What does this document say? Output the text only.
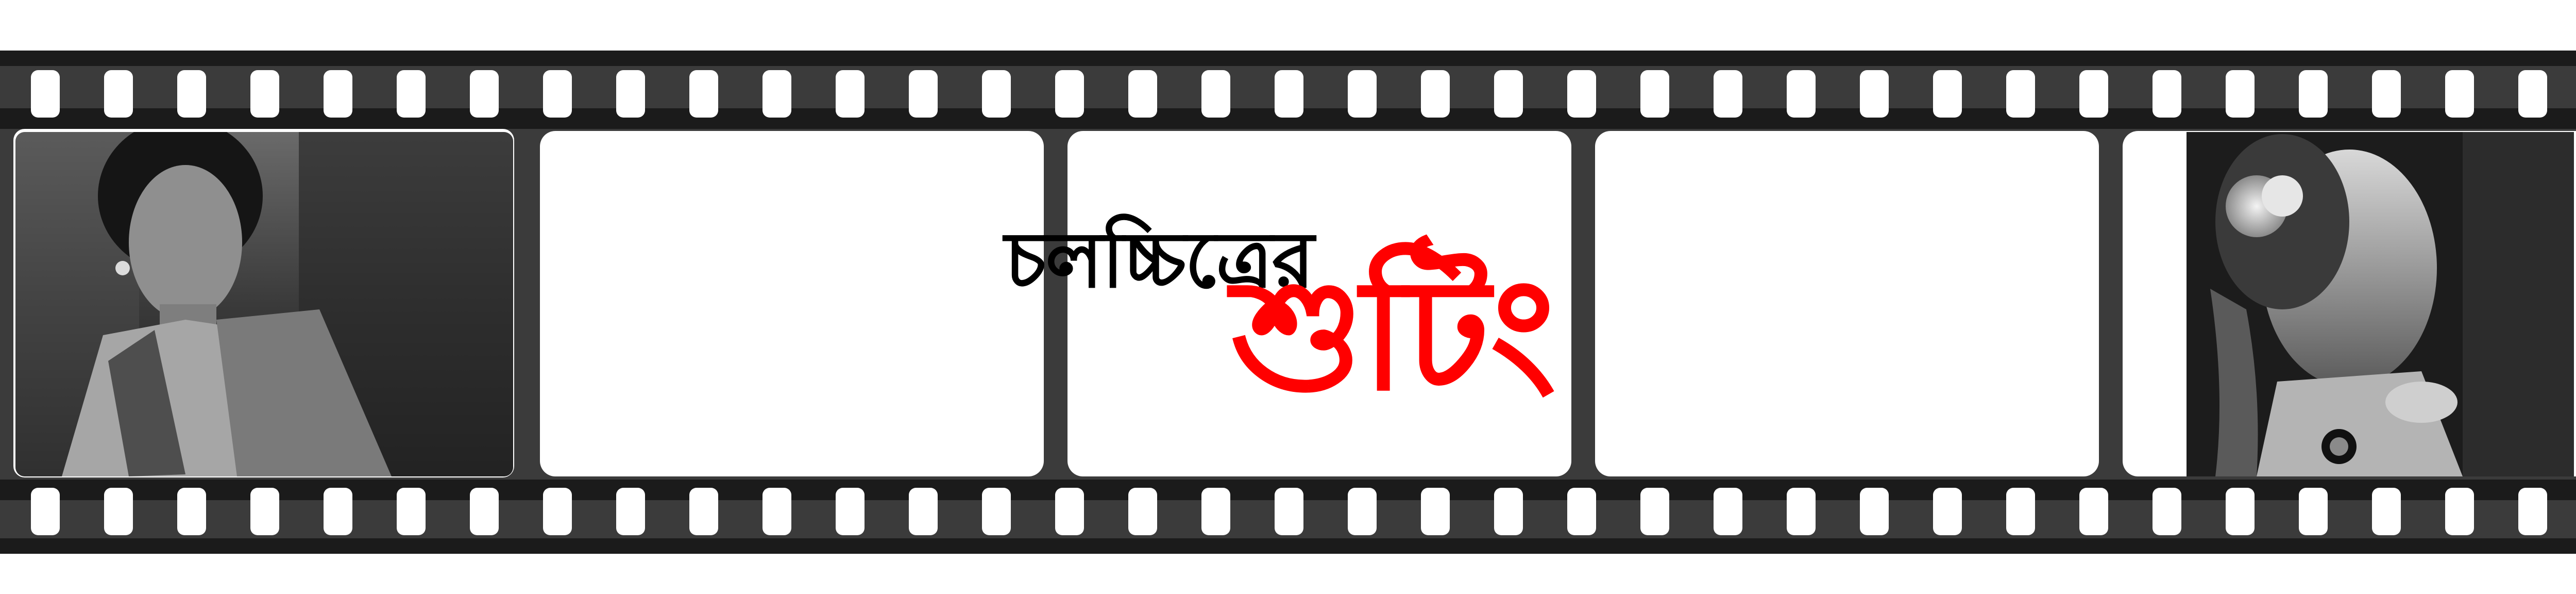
চলচ্চিত্রের
শুটিং
